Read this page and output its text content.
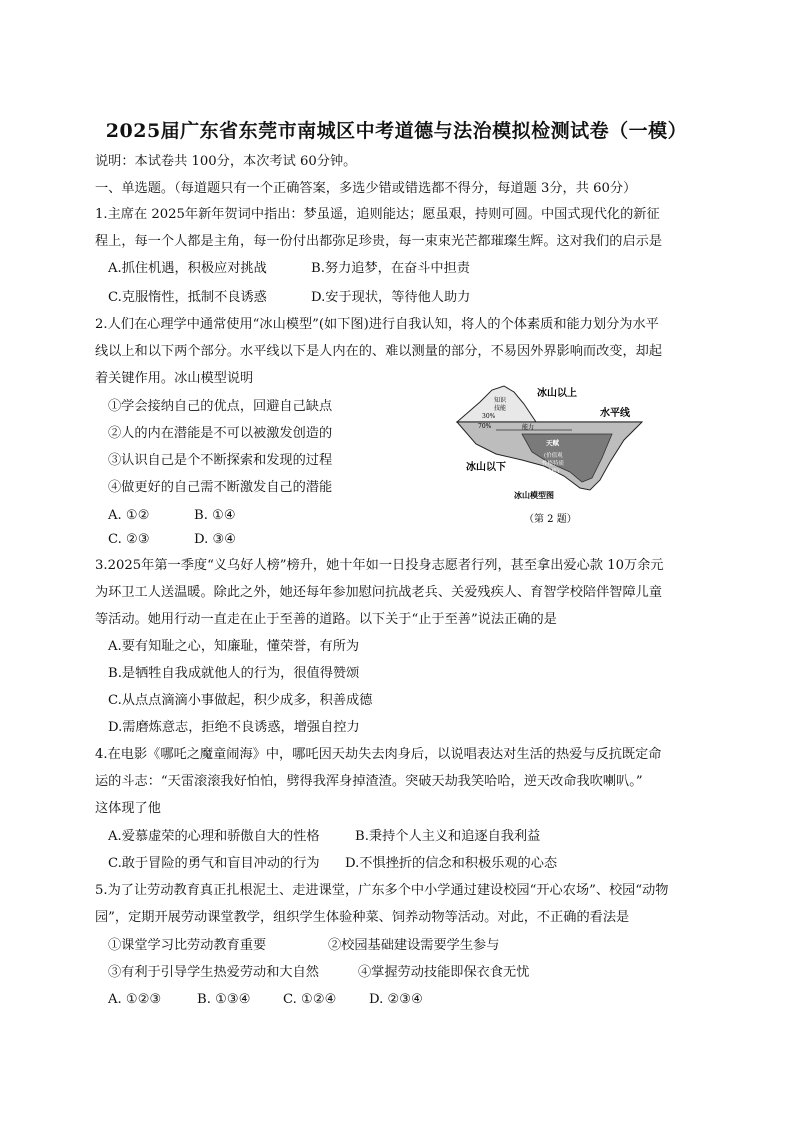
2025届广东省东莞市南城区中考道德与法治模拟检测试卷（一模）
说明：本试卷共 100分，本次考试 60分钟。
一、单选题。（每道题只有一个正确答案，多选少错或错选都不得分，每道题 3分，共 60分）
1.主席在 2025年新年贺词中指出：梦虽遥，追则能达；愿虽艰，持则可圆。中国式现代化的新征
程上，每一个人都是主角，每一份付出都弥足珍贵，每一束束光芒都璀璨生辉。这对我们的启示是
A.抓住机遇，积极应对挑战	B.努力追梦，在奋斗中担责
C.克服惰性，抵制不良诱惑	D.安于现状，等待他人助力
2.人们在心理学中通常使用“冰山模型”(如下图)进行自我认知，将人的个体素质和能力划分为水平
线以上和以下两个部分。水平线以下是人内在的、难以测量的部分，不易因外界影响而改变，却起
着关键作用。冰山模型说明
①学会接纳自己的优点，回避自己缺点
②人的内在潜能是不可以被激发创造的
③认识自己是个不断探索和发现的过程
④做更好的自己需不断激发自己的潜能
A. ①②	B. ①④
C. ②③	D. ③④
冰山以上
水平线
知识
技能
30%
70%	能力
天赋
(价值观
性格特质
动机)
冰山以下
冰山模型图
（第 2 题）
3.2025年第一季度“义乌好人榜”榜升，她十年如一日投身志愿者行列，甚至拿出爱心款 10万余元
为环卫工人送温暖。除此之外，她还每年参加慰问抗战老兵、关爱残疾人、育智学校陪伴智障儿童
等活动。她用行动一直走在止于至善的道路。以下关于“止于至善”说法正确的是
A.要有知耻之心，知廉耻，懂荣誉，有所为
B.是牺牲自我成就他人的行为，很值得赞颂
C.从点点滴滴小事做起，积少成多，积善成德
D.需磨炼意志，拒绝不良诱惑，增强自控力
4.在电影《哪吒之魔童闹海》中，哪吒因天劫失去肉身后，以说唱表达对生活的热爱与反抗既定命
运的斗志：“天雷滚滚我好怕怕，劈得我浑身掉渣渣。突破天劫我笑哈哈，逆天改命我吹喇叭。”
这体现了他
A.爱慕虚荣的心理和骄傲自大的性格	B.秉持个人主义和追逐自我利益
C.敢于冒险的勇气和盲目冲动的行为 D.不惧挫折的信念和积极乐观的心态
5.为了让劳动教育真正扎根泥土、走进课堂，广东多个中小学通过建设校园“开心农场”、校园“动物
园”，定期开展劳动课堂教学，组织学生体验种菜、饲养动物等活动。对此，不正确的看法是
①课堂学习比劳动教育重要	②校园基础建设需要学生参与
③有利于引导学生热爱劳动和大自然	④掌握劳动技能即保衣食无忧
A. ①②③	B. ①③④ C. ①②④ D. ②③④
